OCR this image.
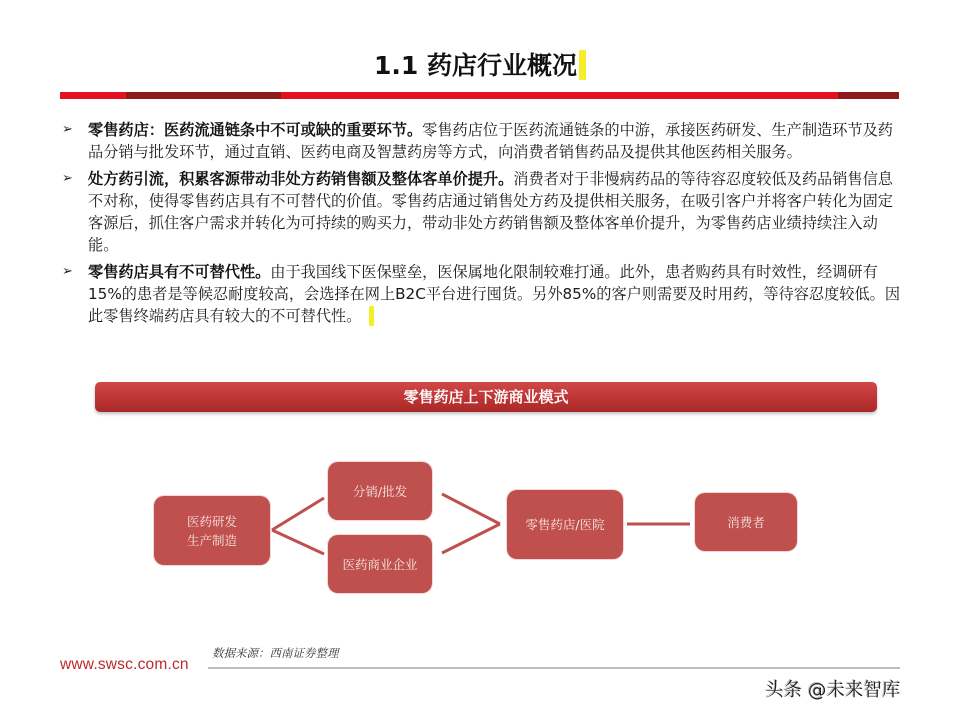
1.1 药店行业概况
➢ 零售药店：医药流通链条中不可或缺的重要环节。零售药店位于医药流通链条的中游，承接医药研发、生产制造环节及药品分销与批发环节，通过直销、医药电商及智慧药房等方式，向消费者销售药品及提供其他医药相关服务。
➢ 处方药引流，积累客源带动非处方药销售额及整体客单价提升。消费者对于非慢病药品的等待容忍度较低及药品销售信息不对称，使得零售药店具有不可替代的价值。零售药店通过销售处方药及提供相关服务，在吸引客户并将客户转化为固定客源后，抓住客户需求并转化为可持续的购买力，带动非处方药销售额及整体客单价提升，为零售药店业绩持续注入动能。
➢ 零售药店具有不可替代性。由于我国线下医保壁垒，医保属地化限制较难打通。此外，患者购药具有时效性，经调研有15%的患者是等候忍耐度较高，会选择在网上B2C平台进行囤货。另外85%的客户则需要及时用药，等待容忍度较低。因此零售终端药店具有较大的不可替代性。
零售药店上下游商业模式
医药研发
生产制造
分销/批发
医药商业企业
零售药店/医院	消费者
数据来源：西南证券整理
www.swsc.com.cn
头条 @未来智库
